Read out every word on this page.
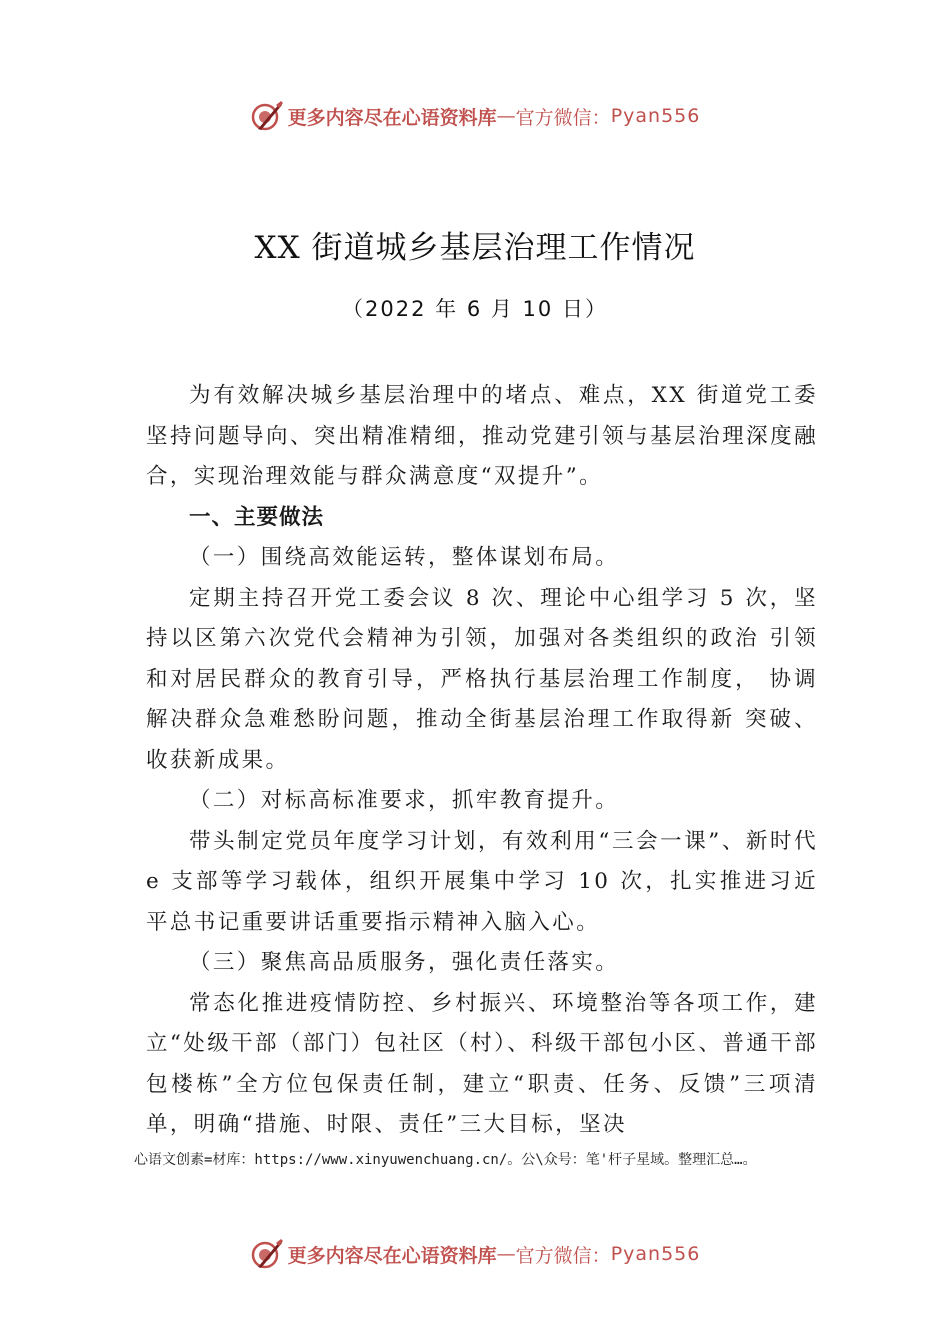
更多内容尽在心语资料库 — 官方微信： Pyan556
XX 街道城乡基层治理工作情况
（2022 年 6 月 10 日）

为有效解决城乡基层治理中的堵点、难点，XX 街道党工委坚持问题导向、突出精准精细，推动党建引领与基层治理深度融合，实现治理效能与群众满意度“双提升”。

一、主要做法

（一）围绕高效能运转，整体谋划布局。

定期主持召开党工委会议 8 次、理论中心组学习 5 次，坚持以区第六次党代会精神为引领，加强对各类组织的政治 引领和对居民群众的教育引导，严格执行基层治理工作制度， 协调解决群众急难愁盼问题，推动全街基层治理工作取得新 突破、收获新成果。

（二）对标高标准要求，抓牢教育提升。

带头制定党员年度学习计划，有效利用“三会一课”、新时代 e 支部等学习载体，组织开展集中学习 10 次，扎实推进习近平总书记重要讲话重要指示精神入脑入心。

（三）聚焦高品质服务，强化责任落实。

常态化推进疫情防控、乡村振兴、环境整治等各项工作，建立“处级干部（部门）包社区（村）、科级干部包小区、普通干部包楼栋”全方位包保责任制，建立“职责、任务、反馈”三项清单，明确“措施、时限、责任”三大目标，坚决

心语文创素=材库：https://www.xinyuwenchuang.cn/。公\众号：笔'杆子星域。整理汇总…。
更多内容尽在心语资料库 — 官方微信： Pyan556
